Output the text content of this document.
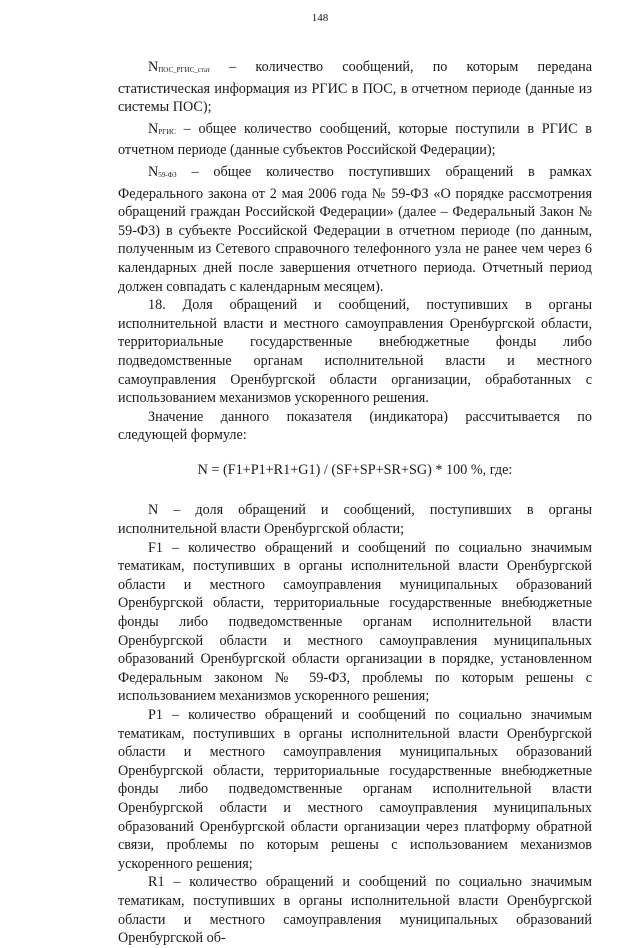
148

$N_{ПОС\_РГИС\_стат}$ – количество сообщений, по которым передана статистическая информация из РГИС в ПОС, в отчетном периоде (данные из системы ПОС);

$N_{РГИС}$ – общее количество сообщений, которые поступили в РГИС в отчетном периоде (данные субъектов Российской Федерации);

$N_{59-ФЗ}$ – общее количество поступивших обращений в рамках Федерального закона от 2 мая 2006 года № 59-ФЗ «О порядке рассмотрения обращений граждан Российской Федерации» (далее – Федеральный Закон № 59-ФЗ) в субъекте Российской Федерации в отчетном периоде (по данным, полученным из Сетевого справочного телефонного узла не ранее чем через 6 календарных дней после завершения отчетного периода. Отчетный период должен совпадать с календарным месяцем).

18. Доля обращений и сообщений, поступивших в органы исполнительной власти и местного самоуправления Оренбургской области, территориальные государственные внебюджетные фонды либо подведомственные органам исполнительной власти и местного самоуправления Оренбургской области организации, обработанных с использованием механизмов ускоренного решения.

Значение данного показателя (индикатора) рассчитывается по следующей формуле:

N = (F1+P1+R1+G1) / (SF+SP+SR+SG) * 100 %, где:

N – доля обращений и сообщений, поступивших в органы исполнительной власти Оренбургской области;

F1 – количество обращений и сообщений по социально значимым тематикам, поступивших в органы исполнительной власти Оренбургской области и местного самоуправления муниципальных образований Оренбургской области, территориальные государственные внебюджетные фонды либо подведомственные органам исполнительной власти Оренбургской области и местного самоуправления муниципальных образований Оренбургской области организации в порядке, установленном Федеральным законом № 59-ФЗ, проблемы по которым решены с использованием механизмов ускоренного решения;

P1 – количество обращений и сообщений по социально значимым тематикам, поступивших в органы исполнительной власти Оренбургской области и местного самоуправления муниципальных образований Оренбургской области, территориальные государственные внебюджетные фонды либо подведомственные органам исполнительной власти Оренбургской области и местного самоуправления муниципальных образований Оренбургской области организации через платформу обратной связи, проблемы по которым решены с использованием механизмов ускоренного решения;

R1 – количество обращений и сообщений по социально значимым тематикам, поступивших в органы исполнительной власти Оренбургской области и местного самоуправления муниципальных образований Оренбургской об-
